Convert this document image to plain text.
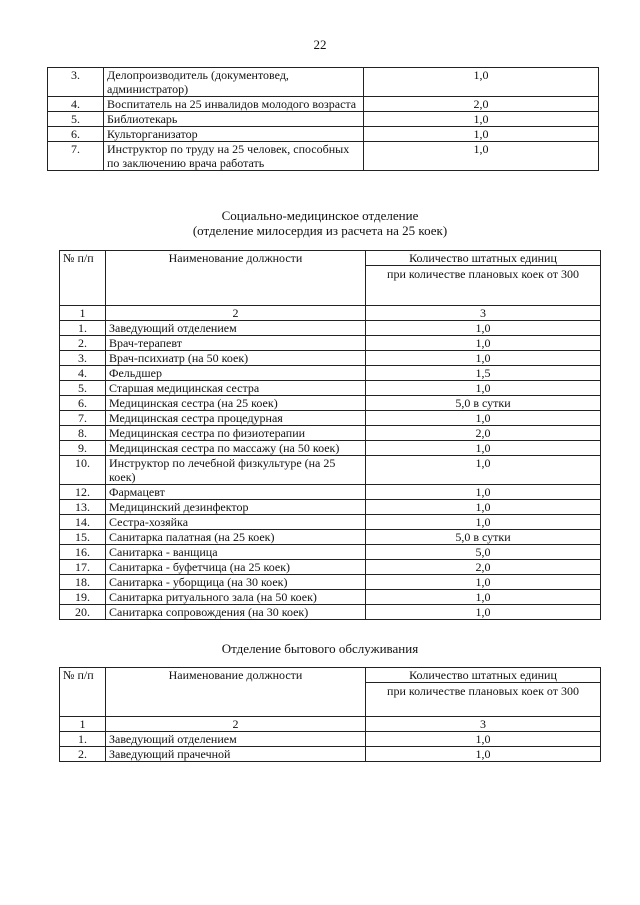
22
3.	Делопроизводитель (документовед, администратор)	1,0
4.	Воспитатель на 25 инвалидов молодого возраста	2,0
5.	Библиотекарь	1,0
6.	Культорганизатор	1,0
7.	Инструктор по труду на 25 человек, способных по заключению врача работать	1,0
Социально-медицинское отделение
(отделение милосердия из расчета на 25 коек)
№ п/п	Наименование должности	Количество штатных единиц
при количестве плановых коек от 300

1	2	3
1.	Заведующий отделением	1,0
2.	Врач-терапевт	1,0
3.	Врач-психиатр (на 50 коек)	1,0
4.	Фельдшер	1,5
5.	Старшая медицинская сестра	1,0
6.	Медицинская сестра (на 25 коек)	5,0 в сутки
7.	Медицинская сестра процедурная	1,0
8.	Медицинская сестра по физиотерапии	2,0
9.	Медицинская сестра по массажу (на 50 коек)	1,0
10.	Инструктор по лечебной физкультуре (на 25 коек)	1,0
12.	Фармацевт	1,0
13.	Медицинский дезинфектор	1,0
14.	Сестра-хозяйка	1,0
15.	Санитарка палатная (на 25 коек)	5,0 в сутки
16.	Санитарка - ванщица	5,0
17.	Санитарка - буфетчица (на 25 коек)	2,0
18.	Санитарка - уборщица (на 30 коек)	1,0
19.	Санитарка ритуального зала (на 50 коек)	1,0
20.	Санитарка сопровождения (на 30 коек)	1,0
Отделение бытового обслуживания
№ п/п	Наименование должности	Количество штатных единиц
при количестве плановых коек от 300

1	2	3
1.	Заведующий отделением	1,0
2.	Заведующий прачечной	1,0
